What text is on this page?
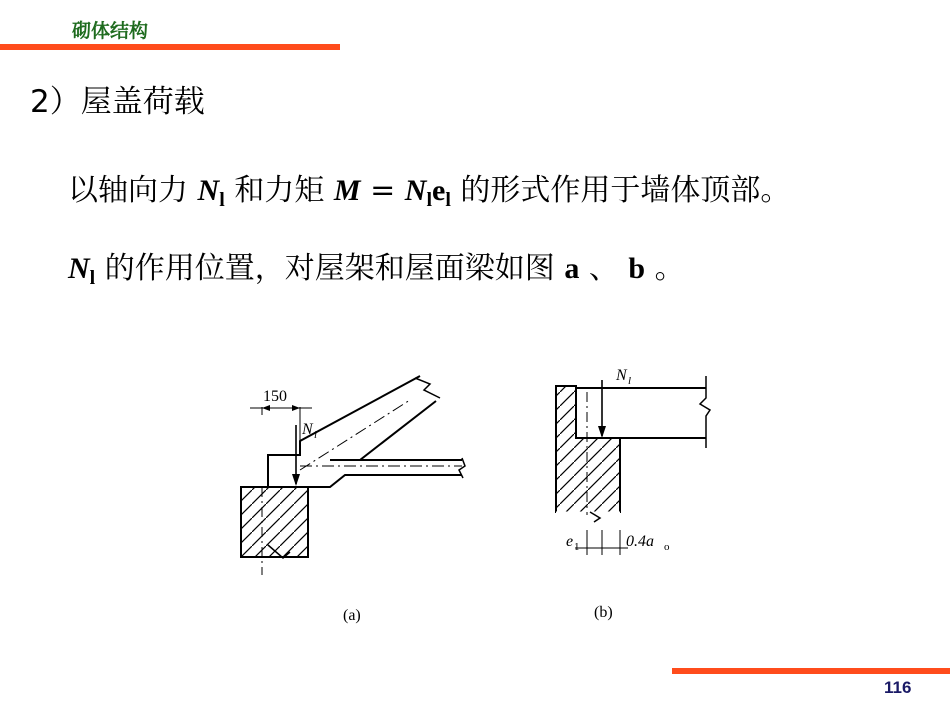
砌体结构
2）屋盖荷载
以轴向力 $N_l$ 和力矩 $M = N_le_l$ 的形式作用于墙体顶部。
$N_l$ 的作用位置，对屋架和屋面梁如图 a 、 b 。
150
N l
(a)
N l
e 1	0.4a o
(b)
116
